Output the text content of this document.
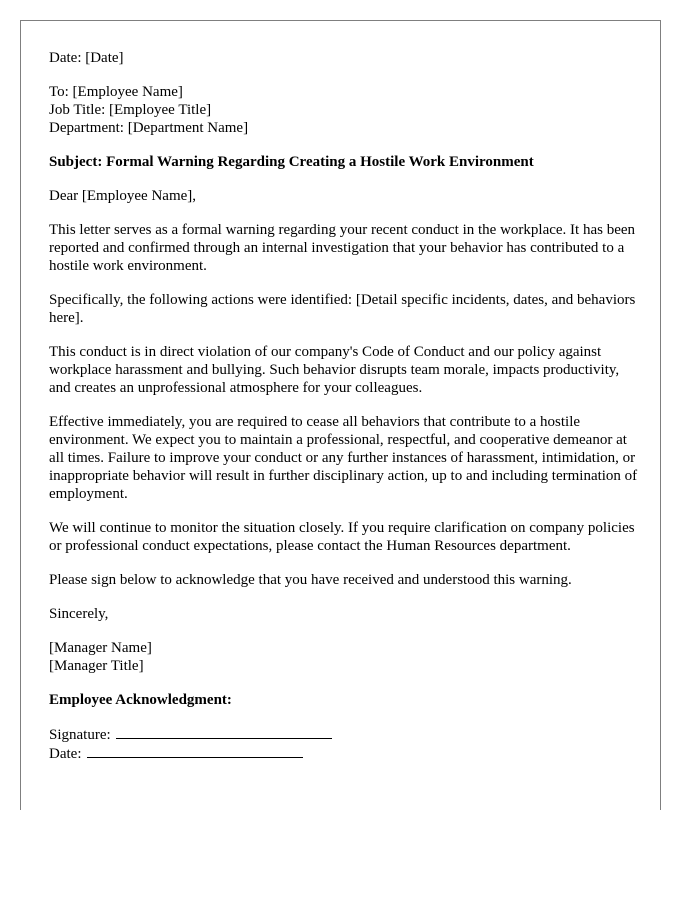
Date: [Date]

To: [Employee Name]
Job Title: [Employee Title]
Department: [Department Name]

Subject: Formal Warning Regarding Creating a Hostile Work Environment

Dear [Employee Name],

This letter serves as a formal warning regarding your recent conduct in the workplace. It has been reported and confirmed through an internal investigation that your behavior has contributed to a hostile work environment.

Specifically, the following actions were identified: [Detail specific incidents, dates, and behaviors here].

This conduct is in direct violation of our company's Code of Conduct and our policy against workplace harassment and bullying. Such behavior disrupts team morale, impacts productivity, and creates an unprofessional atmosphere for your colleagues.

Effective immediately, you are required to cease all behaviors that contribute to a hostile environment. We expect you to maintain a professional, respectful, and cooperative demeanor at all times. Failure to improve your conduct or any further instances of harassment, intimidation, or inappropriate behavior will result in further disciplinary action, up to and including termination of employment.

We will continue to monitor the situation closely. If you require clarification on company policies or professional conduct expectations, please contact the Human Resources department.

Please sign below to acknowledge that you have received and understood this warning.

Sincerely,

[Manager Name]
[Manager Title]

Employee Acknowledgment:

Signature:
Date:
